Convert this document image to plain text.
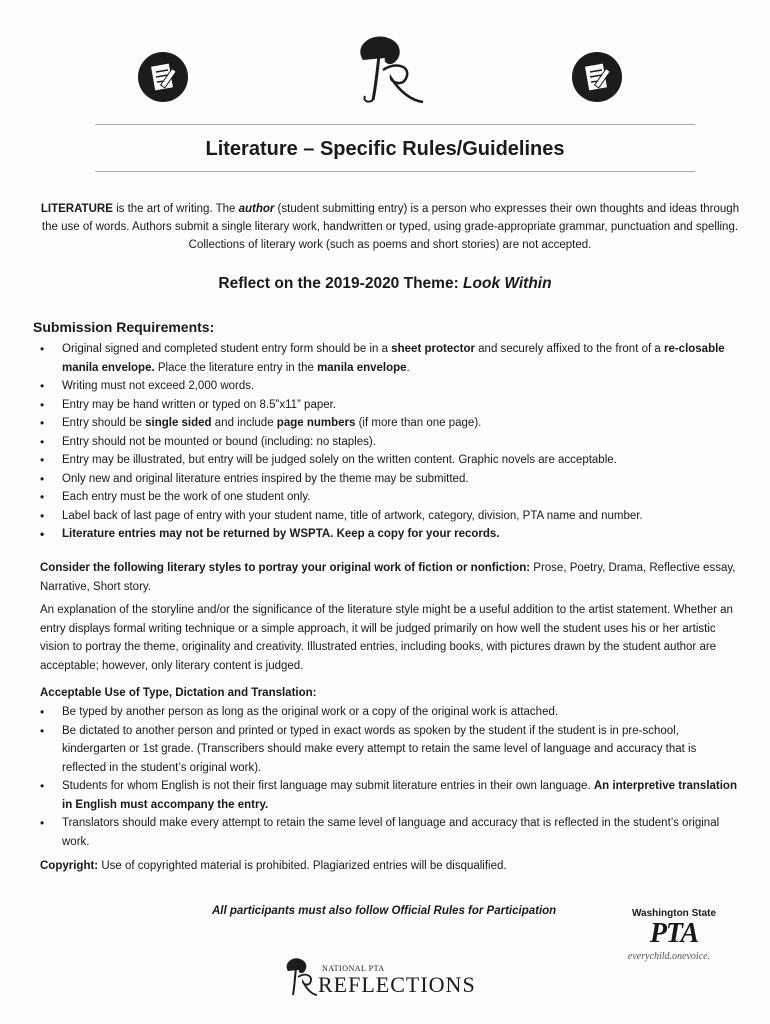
Literature – Specific Rules/Guidelines
LITERATURE is the art of writing. The author (student submitting entry) is a person who expresses their own thoughts and ideas through the use of words. Authors submit a single literary work, handwritten or typed, using grade-appropriate grammar, punctuation and spelling. Collections of literary work (such as poems and short stories) are not accepted.
Reflect on the 2019-2020 Theme: Look Within
Submission Requirements:
• Original signed and completed student entry form should be in a sheet protector and securely affixed to the front of a re-closable manila envelope. Place the literature entry in the manila envelope.
• Writing must not exceed 2,000 words.
• Entry may be hand written or typed on 8.5”x11” paper.
• Entry should be single sided and include page numbers (if more than one page).
• Entry should not be mounted or bound (including: no staples).
• Entry may be illustrated, but entry will be judged solely on the written content. Graphic novels are acceptable.
• Only new and original literature entries inspired by the theme may be submitted.
• Each entry must be the work of one student only.
• Label back of last page of entry with your student name, title of artwork, category, division, PTA name and number.
• Literature entries may not be returned by WSPTA. Keep a copy for your records.
Consider the following literary styles to portray your original work of fiction or nonfiction: Prose, Poetry, Drama, Reflective essay, Narrative, Short story.
An explanation of the storyline and/or the significance of the literature style might be a useful addition to the artist statement. Whether an entry displays formal writing technique or a simple approach, it will be judged primarily on how well the student uses his or her artistic vision to portray the theme, originality and creativity. Illustrated entries, including books, with pictures drawn by the student author are acceptable; however, only literary content is judged.
Acceptable Use of Type, Dictation and Translation:
• Be typed by another person as long as the original work or a copy of the original work is attached.
• Be dictated to another person and printed or typed in exact words as spoken by the student if the student is in pre-school, kindergarten or 1st grade. (Transcribers should make every attempt to retain the same level of language and accuracy that is reflected in the student’s original work).
• Students for whom English is not their first language may submit literature entries in their own language. An interpretive translation in English must accompany the entry.
• Translators should make every attempt to retain the same level of language and accuracy that is reflected in the student’s original work.
Copyright: Use of copyrighted material is prohibited. Plagiarized entries will be disqualified.
All participants must also follow Official Rules for Participation	Washington State
PTA
everychild.onevoice.
NATIONAL PTA
REFLECTIONS
